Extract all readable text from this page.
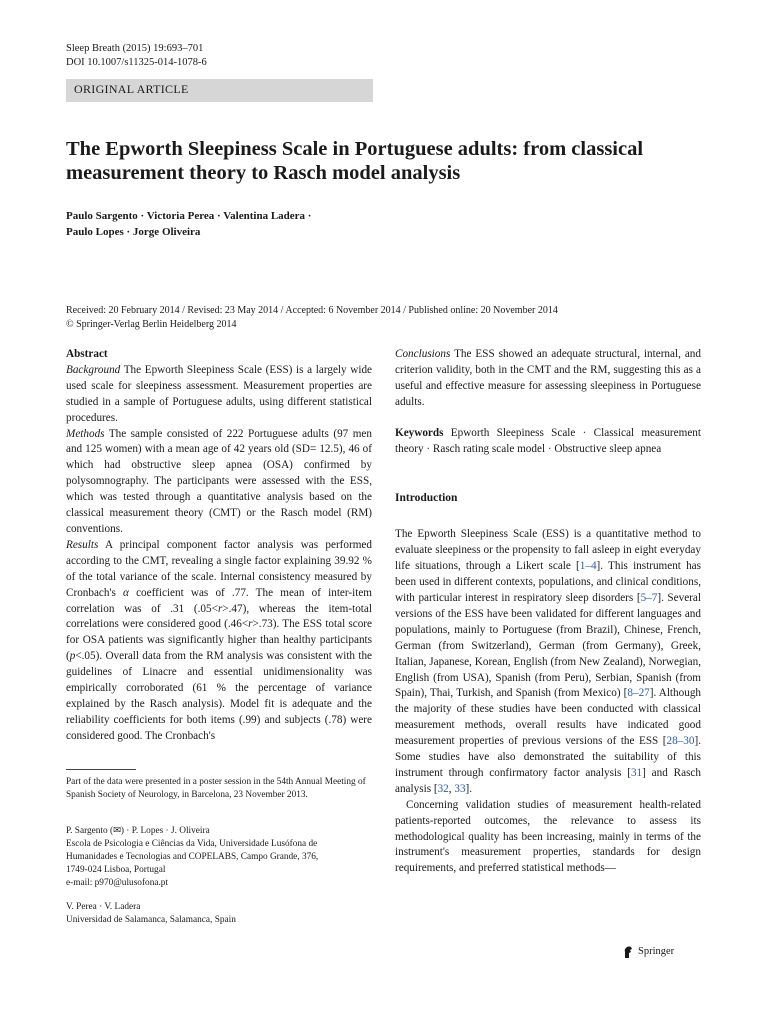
Sleep Breath (2015) 19:693–701
DOI 10.1007/s11325-014-1078-6
ORIGINAL ARTICLE
The Epworth Sleepiness Scale in Portuguese adults: from classical measurement theory to Rasch model analysis
Paulo Sargento · Victoria Perea · Valentina Ladera ·
Paulo Lopes · Jorge Oliveira
Received: 20 February 2014 / Revised: 23 May 2014 / Accepted: 6 November 2014 / Published online: 20 November 2014
© Springer-Verlag Berlin Heidelberg 2014

Abstract

Background The Epworth Sleepiness Scale (ESS) is a largely wide used scale for sleepiness assessment. Measurement properties are studied in a sample of Portuguese adults, using different statistical procedures.

Methods The sample consisted of 222 Portuguese adults (97 men and 125 women) with a mean age of 42 years old (SD= 12.5), 46 of which had obstructive sleep apnea (OSA) confirmed by polysomnography. The participants were assessed with the ESS, which was tested through a quantitative analysis based on the classical measurement theory (CMT) or the Rasch model (RM) conventions.

Results A principal component factor analysis was performed according to the CMT, revealing a single factor explaining 39.92 % of the total variance of the scale. Internal consistency measured by Cronbach's α coefficient was of .77. The mean of inter-item correlation was of .31 (.05<r>.47), whereas the item-total correlations were considered good (.46<r>.73). The ESS total score for OSA patients was significantly higher than healthy participants (p<.05). Overall data from the RM analysis was consistent with the guidelines of Linacre and essential unidimensionality was empirically corroborated (61 % the percentage of variance explained by the Rasch analysis). Model fit is adequate and the reliability coefficients for both items (.99) and subjects (.78) were considered good. The Cronbach's

Part of the data were presented in a poster session in the 54th Annual Meeting of Spanish Society of Neurology, in Barcelona, 23 November 2013.
P. Sargento (✉) · P. Lopes · J. Oliveira
Escola de Psicologia e Ciências da Vida, Universidade Lusófona de
Humanidades e Tecnologias and COPELABS, Campo Grande, 376,
1749-024 Lisboa, Portugal
e-mail: p970@ulusofona.pt
V. Perea · V. Ladera
Universidad de Salamanca, Salamanca, Spain

Conclusions The ESS showed an adequate structural, internal, and criterion validity, both in the CMT and the RM, suggesting this as a useful and effective measure for assessing sleepiness in Portuguese adults.

Keywords Epworth Sleepiness Scale · Classical measurement theory · Rasch rating scale model · Obstructive sleep apnea

Introduction

The Epworth Sleepiness Scale (ESS) is a quantitative method to evaluate sleepiness or the propensity to fall asleep in eight everyday life situations, through a Likert scale [1–4]. This instrument has been used in different contexts, populations, and clinical conditions, with particular interest in respiratory sleep disorders [5–7]. Several versions of the ESS have been validated for different languages and populations, mainly to Portuguese (from Brazil), Chinese, French, German (from Switzerland), German (from Germany), Greek, Italian, Japanese, Korean, English (from New Zealand), Norwegian, English (from USA), Spanish (from Peru), Serbian, Spanish (from Spain), Thai, Turkish, and Spanish (from Mexico) [8–27]. Although the majority of these studies have been conducted with classical measurement methods, overall results have indicated good measurement properties of previous versions of the ESS [28–30]. Some studies have also demonstrated the suitability of this instrument through confirmatory factor analysis [31] and Rasch analysis [32, 33].

Concerning validation studies of measurement health-related patients-reported outcomes, the relevance to assess its methodological quality has been increasing, mainly in terms of the instrument's measurement properties, standards for design requirements, and preferred statistical methods—

Springer
